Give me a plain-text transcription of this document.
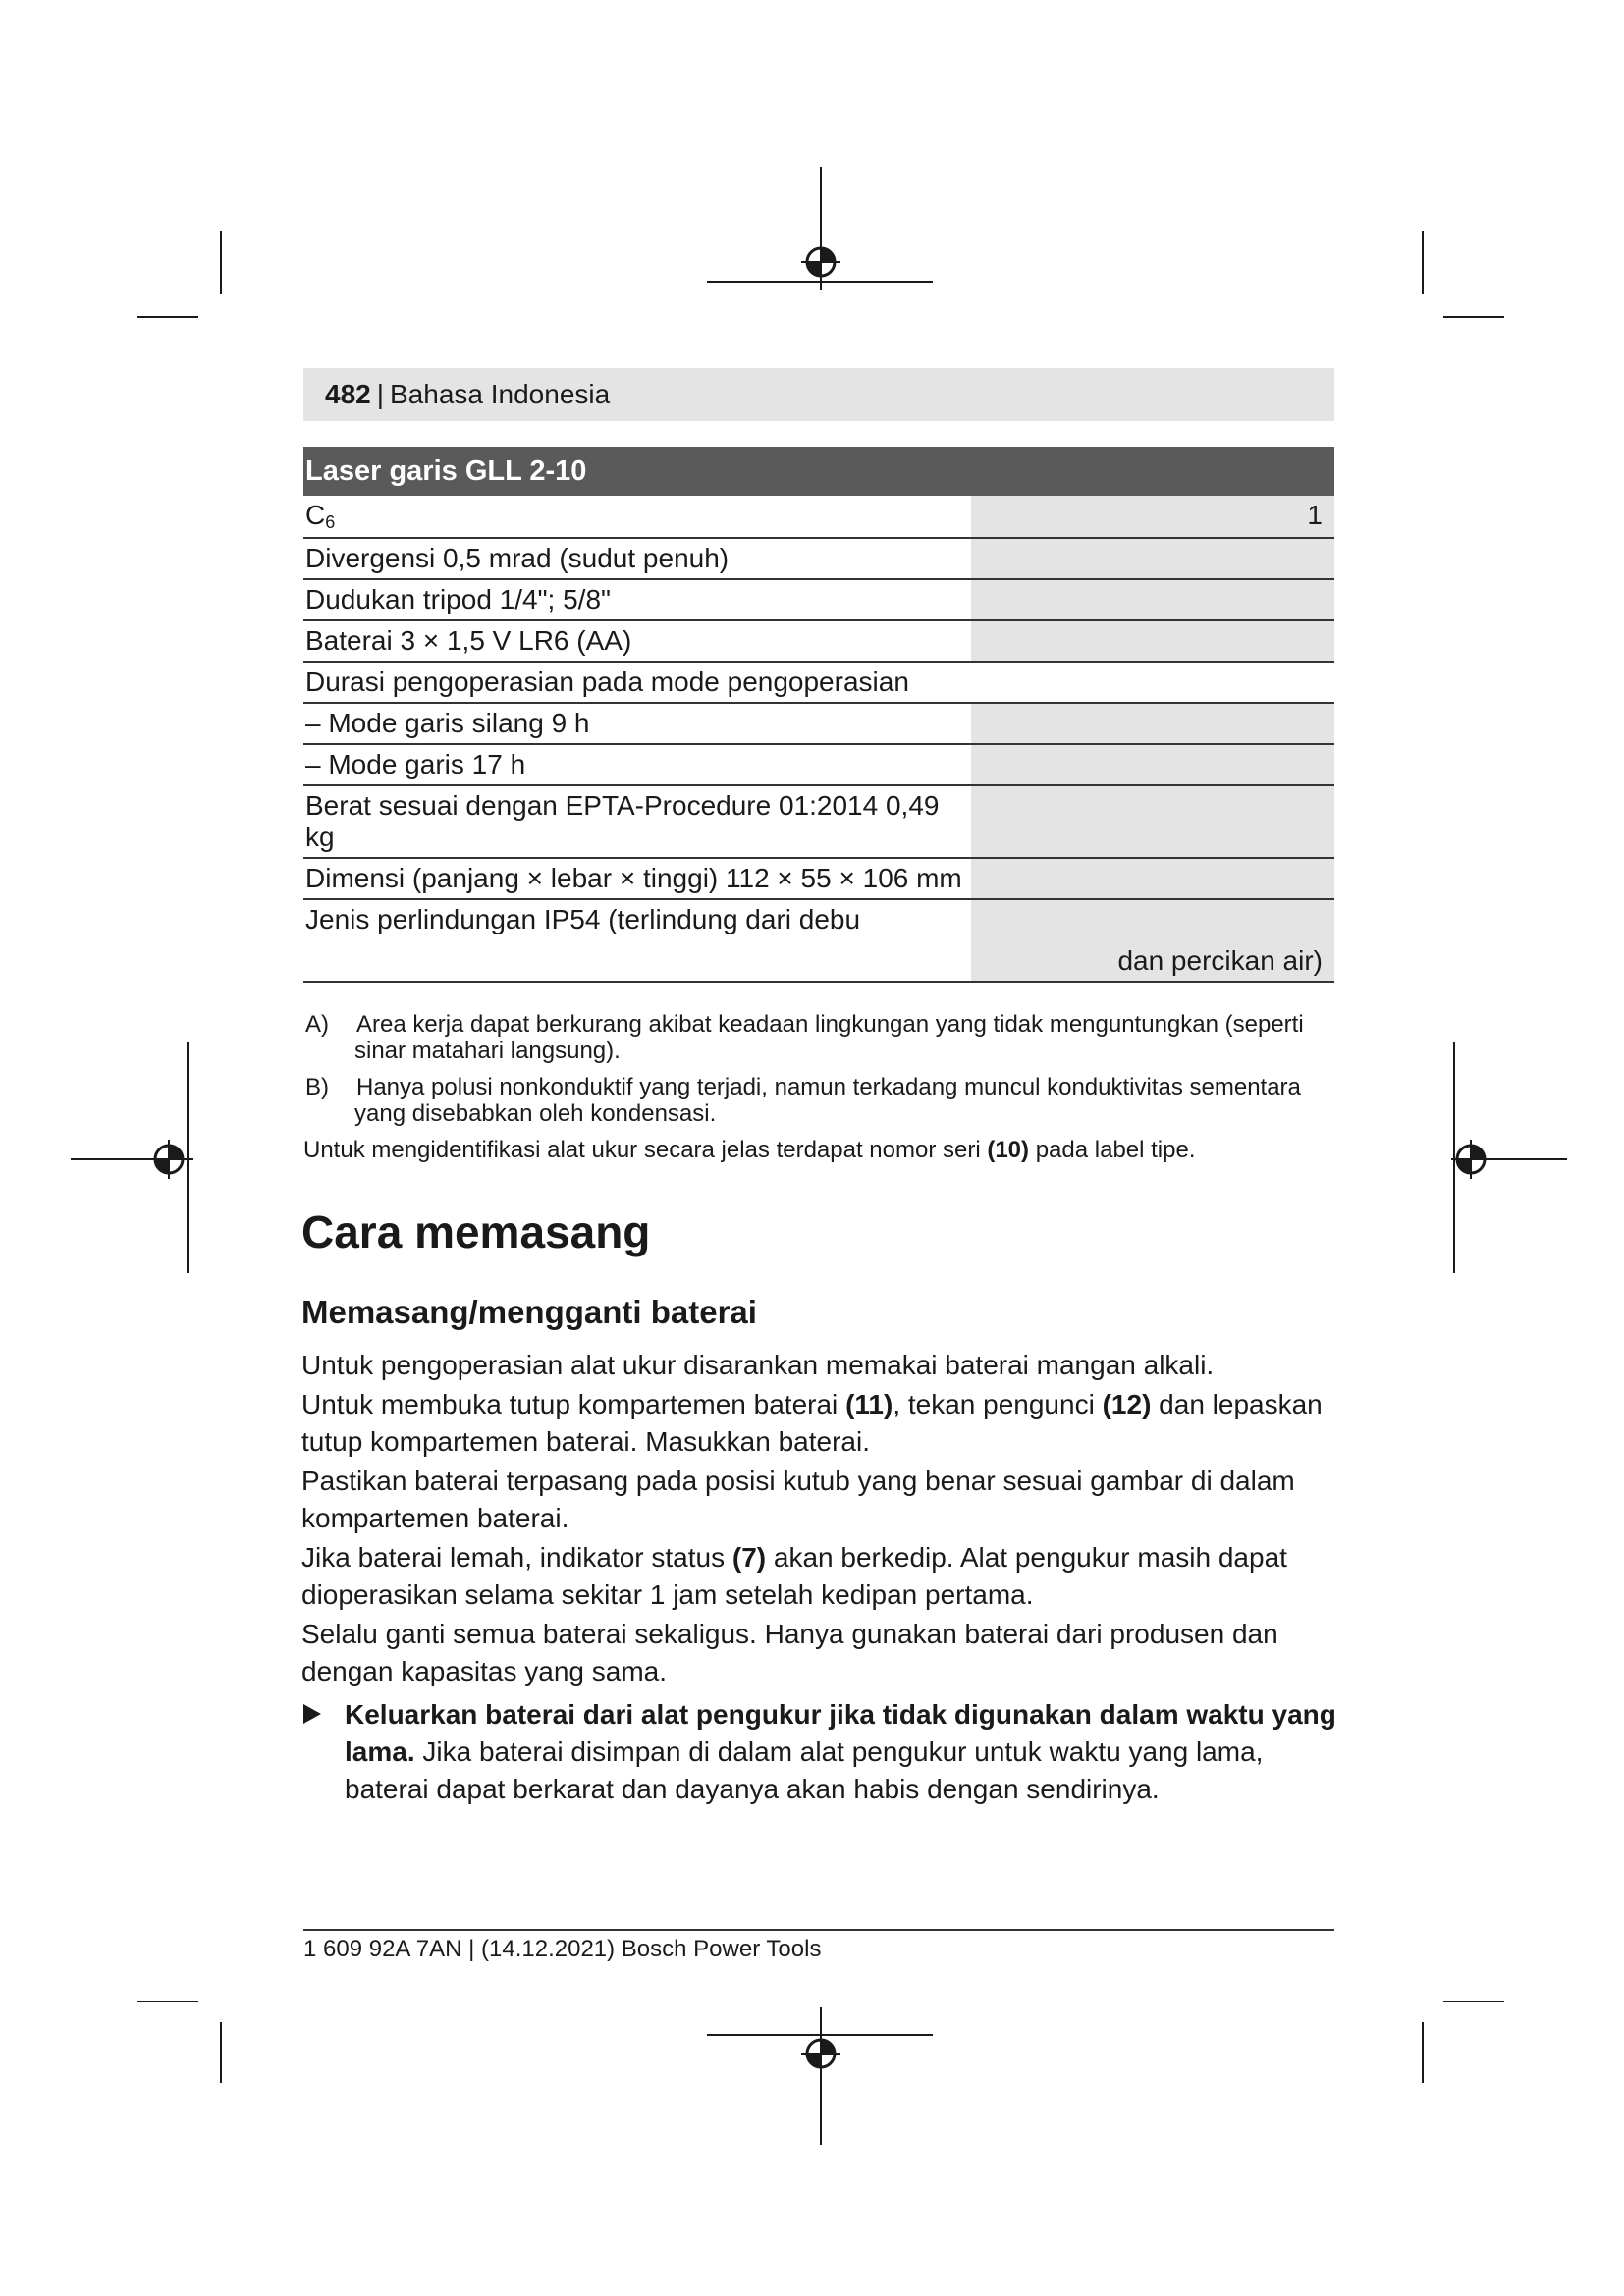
482 | Bahasa Indonesia
Laser garis GLL 2-10
$C_6$	1
Divergensi 0,5 mrad (sudut penuh)
Dudukan tripod 1/4"; 5/8"
Baterai 3 × 1,5 V LR6 (AA)
Durasi pengoperasian pada mode pengoperasian
– Mode garis silang 9 h
– Mode garis 17 h
Berat sesuai dengan EPTA-Procedure 01:2014 0,49 kg
Dimensi (panjang × lebar × tinggi) 112 × 55 × 106 mm
Jenis perlindungan IP54 (terlindung dari debu
dan percikan air)
A) Area kerja dapat berkurang akibat keadaan lingkungan yang tidak menguntungkan (seperti sinar matahari langsung).
B) Hanya polusi nonkonduktif yang terjadi, namun terkadang muncul konduktivitas sementara yang disebabkan oleh kondensasi.
Untuk mengidentifikasi alat ukur secara jelas terdapat nomor seri (10) pada label tipe.
Cara memasang
Memasang/mengganti baterai

Untuk pengoperasian alat ukur disarankan memakai baterai mangan alkali.

Untuk membuka tutup kompartemen baterai (11), tekan pengunci (12) dan lepaskan tutup kompartemen baterai. Masukkan baterai.

Pastikan baterai terpasang pada posisi kutub yang benar sesuai gambar di dalam kompartemen baterai.

Jika baterai lemah, indikator status (7) akan berkedip. Alat pengukur masih dapat dioperasikan selama sekitar 1 jam setelah kedipan pertama.

Selalu ganti semua baterai sekaligus. Hanya gunakan baterai dari produsen dan dengan kapasitas yang sama.

Keluarkan baterai dari alat pengukur jika tidak digunakan dalam waktu yang lama. Jika baterai disimpan di dalam alat pengukur untuk waktu yang lama, baterai dapat berkarat dan dayanya akan habis dengan sendirinya.
1 609 92A 7AN | (14.12.2021) Bosch Power Tools
